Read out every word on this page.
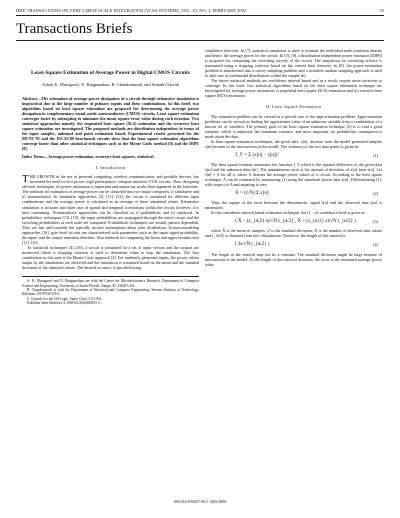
IEEE TRANSACTIONS ON VERY LARGE SCALE INTEGRATION (VLSI) SYSTEMS, VOL. 10, NO. 1, FEBRUARY 2002	55
Transactions Briefs
Least-Square Estimation of Average Power in Digital CMOS Circuits
Ashok K. Murugavel, N. Ranganathan, R. Chandramouli, and Srinath Chavali
Abstract—The estimation of average-power dissipation of a circuit through exhaustive simulation is impractical due to the large number of primary inputs and their combinations. In this brief, two algorithms based on least square estimation are proposed for determining the average power dissipation in complementary metal–oxide–semiconductor (CMOS) circuits. Least square estimation converges faster by attempting to minimize the mean square error value during each iteration. Two statistical approaches namely, the sequential least square (SLS) estimation and the recursive least square estimation are investigated. The proposed methods are distribution independent in terms of the input samples, unbiased and point estimation based. Experimental results presented for the MCNC'91 and the ISCAS'89 benchmark circuits show that the least square estimation algorithms converge faster than other statistical techniques such as the Monte Carlo method [6] and the DIPE [8].
Index Terms—Average power estimation, recursive least squares, statistical.
I. Introduction

THE GROWTH in the use of personal computing, wireless communication, and portable devices, has increased the need for low power, high performance, compute intensive VLSI circuits. Thus, designing efficient techniques for power estimation is important and numerous works have appeared in the literature. The methods for estimation of average power can be classified into two major categories: i) simulative and ii) nonsimulative. In simulative approaches [4], [11], [12], the circuit is simulated for different input combinations and the average power is calculated as an average of these simulated values. Exhaustive simulation is accurate and takes care of spatial and temporal correlations within the circuit, however, it is time consuming. Nonsimulative approaches can be classified as i) probabilistic and ii) statistical. In probabilistic techniques [13]–[15], the input probabilities are propagated through the entire circuit and the switching probabilities at each node are computed. Probabilistic techniques are weakly pattern dependent. They are fast and tractable but typically involve assumptions about joint distribution. In macromodeling approaches [16], gate level circuits are characterized with parameters such as the input signal probability, the input- and the output-transition densities. Also methods for computing the lower and upper bounds exist [11], [12].

In statistical techniques [4]–[10], a circuit is simulated for a set of input vectors and the outputs are monitored where a stopping criterion is used to determine when to stop the simulation. The first contribution in this area is the Monte Carlo approach [4]. For randomly generated inputs, the power values output by the simulations are observed and the simulation is continued based on the mean and the standard deviation of the observed values. The desired accuracy is specified using

A. K. Murugavel and N. Ranganathan are with the Center for Microelectronics Research, Department of Computer Science and Engineering, University of South Florida, Tampa, FL 33620 USA.
R. Chandramouli is with the Department of Electrical and Computer Engineering, Stevens Institute of Technology, Hoboken, NJ 07030 USA.
S. Chavali is with LSI Logic, Santa Clara, CA USA.
Publisher Item Identifier S 1063-8210(02)00603-3.

confidence intervals. In [7], statistical simulation is used to estimate the individual node transition density and hence, the average power for the circuit. In [5], [8], a distribution independent power estimator (DIPE) is proposed for computing the switching activity of the circuit. The simulation for switching activity is terminated using a stopping criterion based on the central limit theorem. In [9], the power-estimation problem is transformed into a survey-sampling problem and a stratified random sampling approach is used to take care of multimodal distributions within the sample set.

The above statistical methods are confidence interval based and as a result, require more iterations to converge. In this brief, two statistical algorithms based on the least square estimation technique are investigated for average power estimation: i) sequential least square (SLS) estimation and ii) recursive least square (RLS) estimation.

II. Least Square Estimation

The estimation problem can be viewed as a special case of the approximation problem. Approximation problems can be viewed as finding the approximate value of an unknown variable from a combination of a known set of variables. The primary goal of the least square estimation technique [2] is to find a good estimate, which is unbiased, has minimum variance, and most important, no probabilistic assumption is made about the data.

In least square estimation techniques, the given data, x[n], deviates from the model generated samples s[n] because of the inaccuracies in the model. The closeness of the two data points is given by

J_V = Σ (x[n] − s[n])²	(1)

The least square estimate minimizes the function J_V which is the squared difference of the given data x[n] and the unknown data s[n]. The instantaneous error is the amount of deviation of x[n] from s[n]. Let s[n] = A for all n, where A denotes the average power values of a circuit. According to the least square technique, A can be estimated by minimizing (1) using the simulated power data x[n]. Differentiating (1), with respect to A and equating to zero

Â = (1/N) Σ x[n]	(2)

Thus, the square of the error between the deterministic signal s[n] and the observed data x[n] is minimized.

In this confidence interval based estimation technique, the (1 − α) confidence level is given as

( X̄ − (z_{α/2} s)/√N t_{α/2} , X̄ + (z_{α/2} s)/√N t_{α/2} )	(3)

where X̄ is the mean of samples, s² is the standard deviation, N is the number of observed data values and t_{α/2} is obtained from the t-distribution. Therefore, the length of this interval is

( 2s/√N t_{α/2} )	(4)

The length of the interval may not be a constant. The standard deviation might be large because of inaccuracies in the model. As the length of this interval increases, the error in the estimated average power value

1063-8210/02$17.00 © 2002 IEEE
